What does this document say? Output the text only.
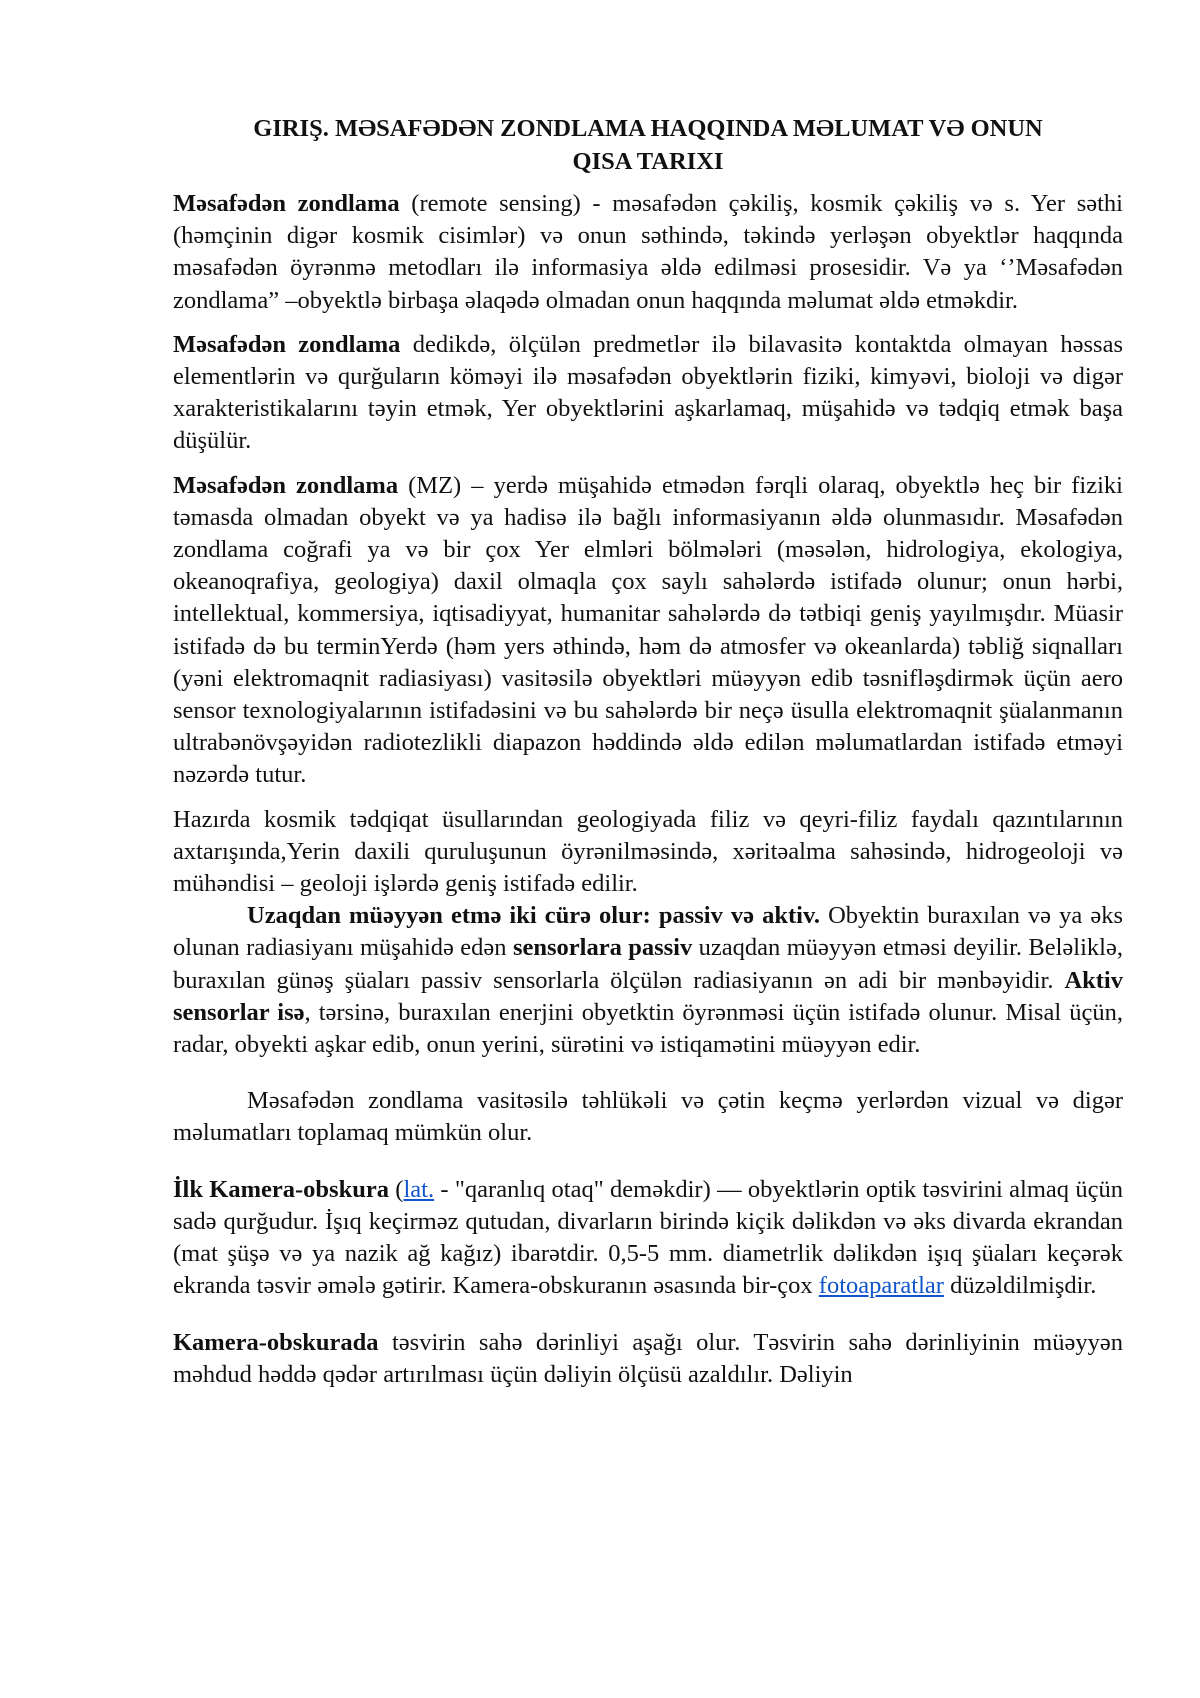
GIRIŞ. MƏSAFƏDƏN ZONDLAMA HAQQINDA MƏLUMAT VƏ ONUN
QISA TARIXI

Məsafədən zondlama (remote sensing) - məsafədən çəkiliş, kosmik çəkiliş və s. Yer səthi (həmçinin digər kosmik cisimlər) və onun səthində, təkində yerləşən obyektlər haqqında məsafədən öyrənmə metodları ilə informasiya əldə edilməsi prosesidir. Və ya ‘’Məsafədən zondlama” –obyektlə birbaşa əlaqədə olmadan onun haqqında məlumat əldə etməkdir.

Məsafədən zondlama dedikdə, ölçülən predmetlər ilə bilavasitə kontaktda olmayan həssas elementlərin və qurğuların köməyi ilə məsafədən obyektlərin fiziki, kimyəvi, bioloji və digər xarakteristikalarını təyin etmək, Yer obyektlərini aşkarlamaq, müşahidə və tədqiq etmək başa düşülür.

Məsafədən zondlama (MZ) – yerdə müşahidə etmədən fərqli olaraq, obyektlə heç bir fiziki təmasda olmadan obyekt və ya hadisə ilə bağlı informasiyanın əldə olunmasıdır. Məsafədən zondlama coğrafi ya və bir çox Yer elmləri bölmələri (məsələn, hidrologiya, ekologiya, okeanoqrafiya, geologiya) daxil olmaqla çox saylı sahələrdə istifadə olunur; onun hərbi, intellektual, kommersiya, iqtisadiyyat, humanitar sahələrdə də tətbiqi geniş yayılmışdır. Müasir istifadə də bu terminYerdə (həm yers əthində, həm də atmosfer və okeanlarda) təbliğ siqnalları (yəni elektromaqnit radiasiyası) vasitəsilə obyektləri müəyyən edib təsnifləşdirmək üçün aero sensor texnologiyalarının istifadəsini və bu sahələrdə bir neçə üsulla elektromaqnit şüalanmanın ultrabənövşəyidən radiotezlikli diapazon həddində əldə edilən məlumatlardan istifadə etməyi nəzərdə tutur.

Hazırda kosmik tədqiqat üsullarından geologiyada filiz və qeyri-filiz faydalı qazıntılarının axtarışında,Yerin daxili quruluşunun öyrənilməsində, xəritəalma sahəsində, hidrogeoloji və mühəndisi – geoloji işlərdə geniş istifadə edilir.

Uzaqdan müəyyən etmə iki cürə olur: passiv və aktiv. Obyektin buraxılan və ya əks olunan radiasiyanı müşahidə edən sensorlara passiv uzaqdan müəyyən etməsi deyilir. Beləliklə, buraxılan günəş şüaları passiv sensorlarla ölçülən radiasiyanın ən adi bir mənbəyidir. Aktiv sensorlar isə, tərsinə, buraxılan enerjini obyetktin öyrənməsi üçün istifadə olunur. Misal üçün, radar, obyekti aşkar edib, onun yerini, sürətini və istiqamətini müəyyən edir.

Məsafədən zondlama vasitəsilə təhlükəli və çətin keçmə yerlərdən vizual və digər məlumatları toplamaq mümkün olur.

İlk Kamera-obskura (lat. - "qaranlıq otaq" deməkdir) — obyektlərin optik təsvirini almaq üçün sadə qurğudur. İşıq keçirməz qutudan, divarların birində kiçik dəlikdən və əks divarda ekrandan (mat şüşə və ya nazik ağ kağız) ibarətdir. 0,5-5 mm. diametrlik dəlikdən işıq şüaları keçərək ekranda təsvir əmələ gətirir. Kamera-obskuranın əsasında bir-çox fotoaparatlar düzəldilmişdir.

Kamera-obskurada təsvirin sahə dərinliyi aşağı olur. Təsvirin sahə dərinliyinin müəyyən məhdud həddə qədər artırılması üçün dəliyin ölçüsü azaldılır. Dəliyin
